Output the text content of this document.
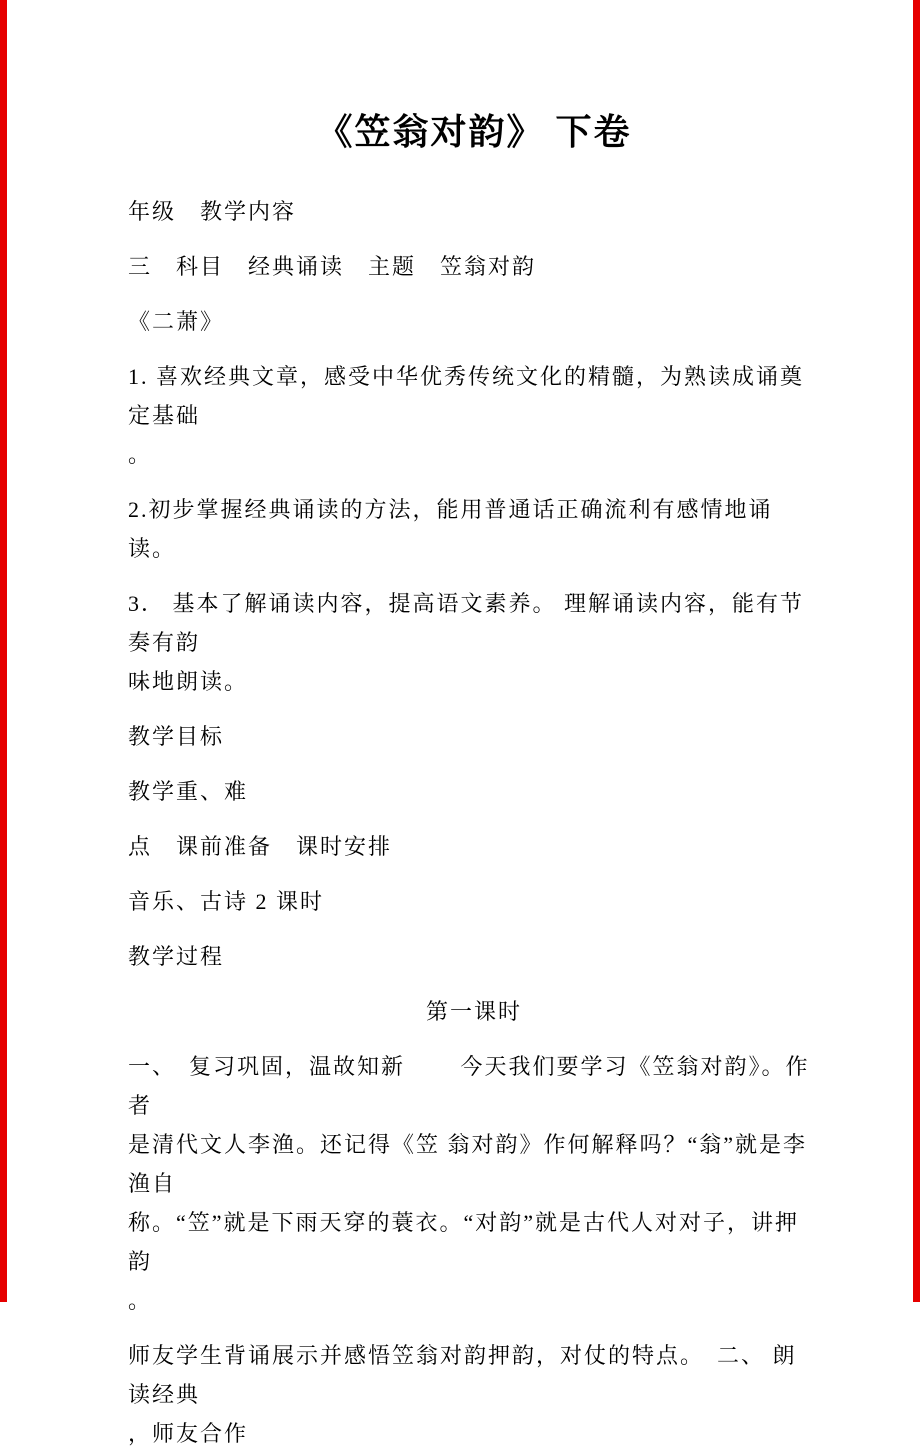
《笠翁对韵》 下卷
年级　教学内容
三　科目　经典诵读　主题　笠翁对韵
《二萧》
1. 喜欢经典文章，感受中华优秀传统文化的精髓，为熟读成诵奠定基础
。
2.初步掌握经典诵读的方法，能用普通话正确流利有感情地诵读。
3． 基本了解诵读内容，提高语文素养。 理解诵读内容，能有节奏有韵
味地朗读。
教学目标
教学重、难
点　课前准备　课时安排
音乐、古诗 2 课时
教学过程
第一课时
一、　复习巩固，温故知新　　 今天我们要学习《笠翁对韵》。作者
是清代文人李渔。还记得《笠 翁对韵》作何解释吗？“翁”就是李渔自
称。“笠”就是下雨天穿的蓑衣。“对韵”就是古代人对对子，讲押韵
。
师友学生背诵展示并感悟笠翁对韵押韵，对仗的特点。　二、 朗读经典
，师友合作
